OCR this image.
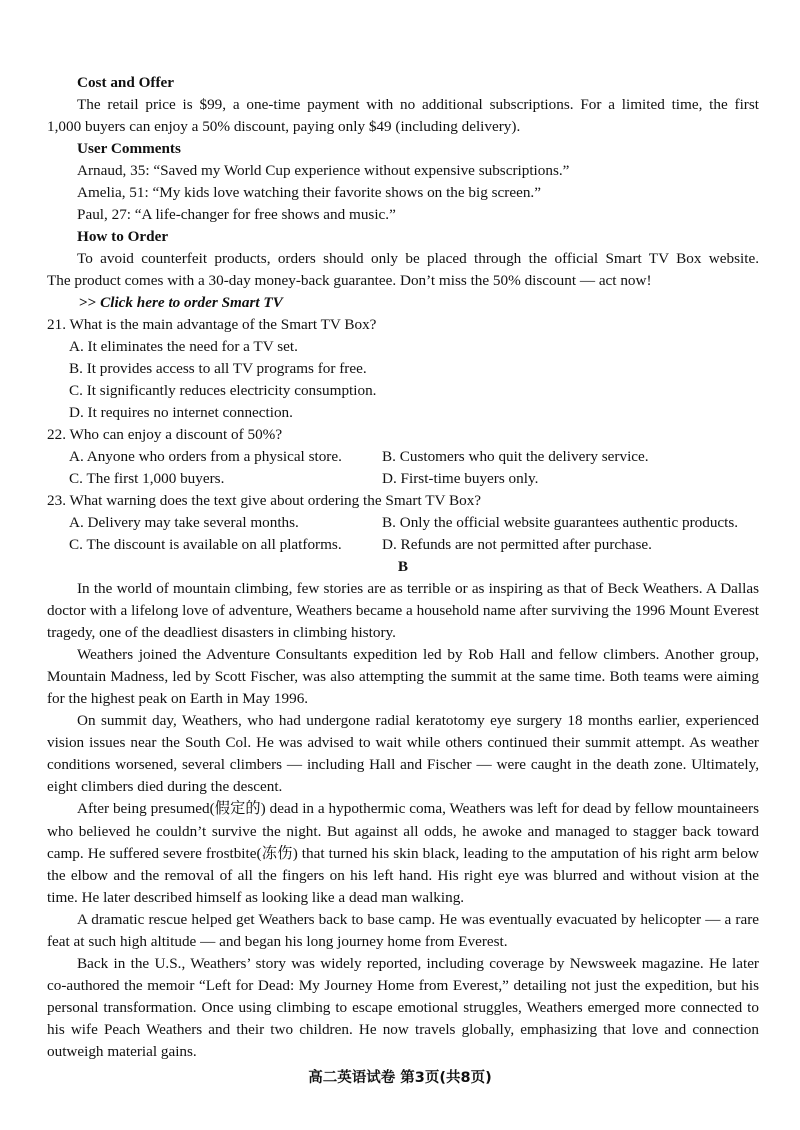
Cost and Offer
The retail price is $99, a one-time payment with no additional subscriptions. For a limited time, the first
1,000 buyers can enjoy a 50% discount, paying only $49 (including delivery).
User Comments
Arnaud, 35: “Saved my World Cup experience without expensive subscriptions.”
Amelia, 51: “My kids love watching their favorite shows on the big screen.”
Paul, 27: “A life-changer for free shows and music.”
How to Order
To avoid counterfeit products, orders should only be placed through the official Smart TV Box website.
The product comes with a 30-day money-back guarantee. Don’t miss the 50% discount — act now!
>> Click here to order Smart TV
21. What is the main advantage of the Smart TV Box?
A. It eliminates the need for a TV set.
B. It provides access to all TV programs for free.
C. It significantly reduces electricity consumption.
D. It requires no internet connection.
22. Who can enjoy a discount of 50%?
A. Anyone who orders from a physical store.	B. Customers who quit the delivery service.
C. The first 1,000 buyers.	D. First-time buyers only.
23. What warning does the text give about ordering the Smart TV Box?
A. Delivery may take several months.	B. Only the official website guarantees authentic products.
C. The discount is available on all platforms.	D. Refunds are not permitted after purchase.
B

In the world of mountain climbing, few stories are as terrible or as inspiring as that of Beck Weathers. A Dallas doctor with a lifelong love of adventure, Weathers became a household name after surviving the 1996 Mount Everest tragedy, one of the deadliest disasters in climbing history.

Weathers joined the Adventure Consultants expedition led by Rob Hall and fellow climbers. Another group, Mountain Madness, led by Scott Fischer, was also attempting the summit at the same time. Both teams were aiming for the highest peak on Earth in May 1996.

On summit day, Weathers, who had undergone radial keratotomy eye surgery 18 months earlier, experienced vision issues near the South Col. He was advised to wait while others continued their summit attempt. As weather conditions worsened, several climbers — including Hall and Fischer — were caught in the death zone. Ultimately, eight climbers died during the descent.

After being presumed(假定的) dead in a hypothermic coma, Weathers was left for dead by fellow mountaineers who believed he couldn’t survive the night. But against all odds, he awoke and managed to stagger back toward camp. He suffered severe frostbite(冻伤) that turned his skin black, leading to the amputation of his right arm below the elbow and the removal of all the fingers on his left hand. His right eye was blurred and without vision at the time. He later described himself as looking like a dead man walking.

A dramatic rescue helped get Weathers back to base camp. He was eventually evacuated by helicopter — a rare feat at such high altitude — and began his long journey home from Everest.

Back in the U.S., Weathers’ story was widely reported, including coverage by Newsweek magazine. He later co-authored the memoir “Left for Dead: My Journey Home from Everest,” detailing not just the expedition, but his personal transformation. Once using climbing to escape emotional struggles, Weathers emerged more connected to his wife Peach Weathers and their two children. He now travels globally, emphasizing that love and connection outweigh material gains.

高二英语试卷 第3页(共8页)
